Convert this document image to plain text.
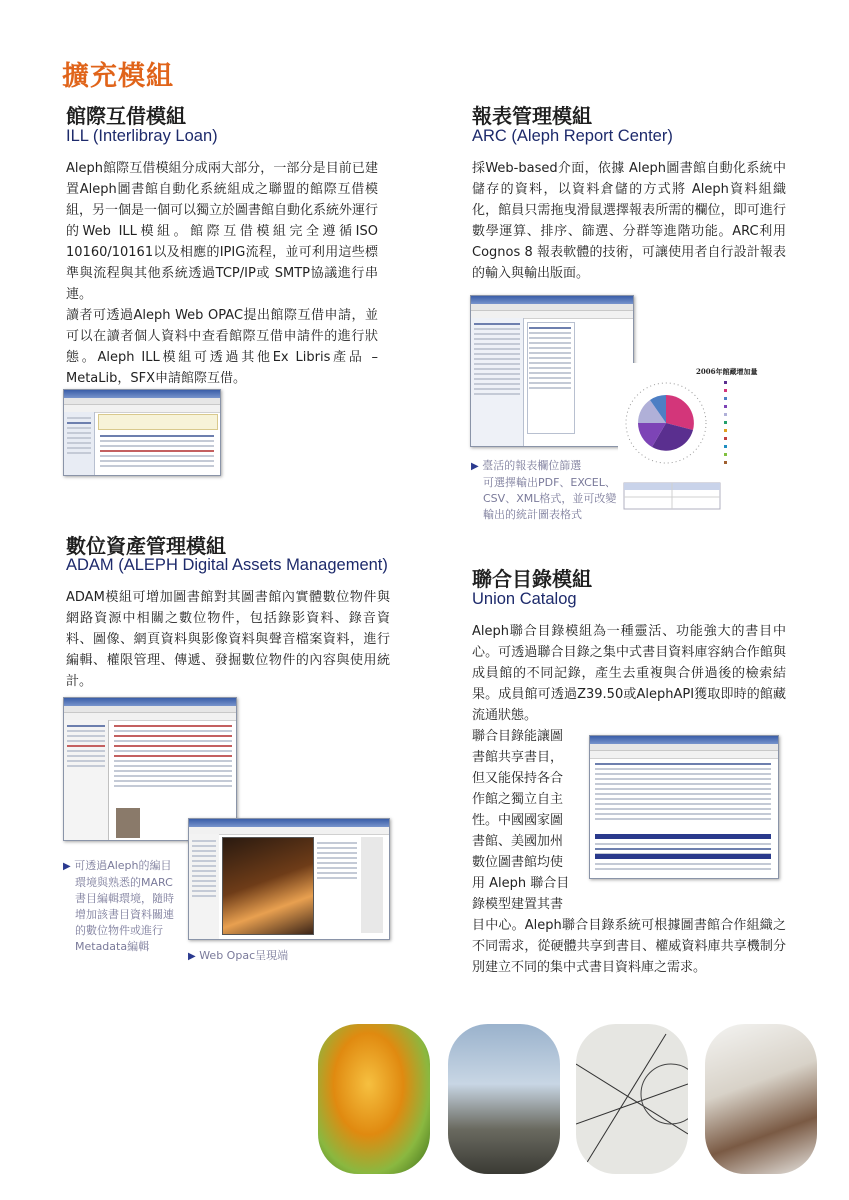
擴充模組
館際互借模組
ILL (Interlibray Loan)
Aleph館際互借模組分成兩大部分，一部分是目前已建置Aleph圖書館自動化系統組成之聯盟的館際互借模組，另一個是一個可以獨立於圖書館自動化系統外運行的Web ILL模組。館際互借模組完全遵循ISO 10160/10161以及相應的IPIG流程，並可利用這些標準與流程與其他系統透過TCP/IP或 SMTP協議進行串連。
讀者可透過Aleph Web OPAC提出館際互借申請，並可以在讀者個人資料中查看館際互借申請件的進行狀態。Aleph ILL模組可透過其他Ex Libris產品 – MetaLib，SFX申請館際互借。
報表管理模組
ARC (Aleph Report Center)
採Web-based介面，依據 Aleph圖書館自動化系統中儲存的資料，以資料倉儲的方式將 Aleph資料組織化，館員只需拖曳滑鼠選擇報表所需的欄位，即可進行數學運算、排序、篩選、分群等進階功能。ARC利用 Cognos 8 報表軟體的技術，可讓使用者自行設計報表的輸入與輸出版面。
2006年館藏增加量
▶ 臺活的報表欄位篩選
可選擇輸出PDF、EXCEL、
CSV、XML格式，並可改變
輸出的統計圖表格式
數位資產管理模組
ADAM (ALEPH Digital Assets Management)
ADAM模組可增加圖書館對其圖書館內實體數位物件與網路資源中相關之數位物件，包括錄影資料、錄音資料、圖像、網頁資料與影像資料與聲音檔案資料，進行編輯、權限管理、傳遞、發掘數位物件的內容與使用統計。
▶ 可透過Aleph的編目
環境與熟悉的MARC
書目編輯環境，隨時
增加該書目資料關連
的數位物件或進行
Metadata編輯
▶ Web Opac呈現端
聯合目錄模組
Union Catalog
Aleph聯合目錄模組為一種靈活、功能強大的書目中心。可透過聯合目錄之集中式書目資料庫容納合作館與成員館的不同記錄，產生去重複與合併過後的檢索結果。成員館可透過Z39.50或AlephAPI獲取即時的館藏流通狀態。
聯合目錄能讓圖
書館共享書目，
但又能保持各合
作館之獨立自主
性。中國國家圖
書館、美國加州
數位圖書館均使
用 Aleph 聯合目
錄模型建置其書
目中心。Aleph聯合目錄系統可根據圖書館合作組織之不同需求，從硬體共享到書目、權威資料庫共享機制分別建立不同的集中式書目資料庫之需求。
